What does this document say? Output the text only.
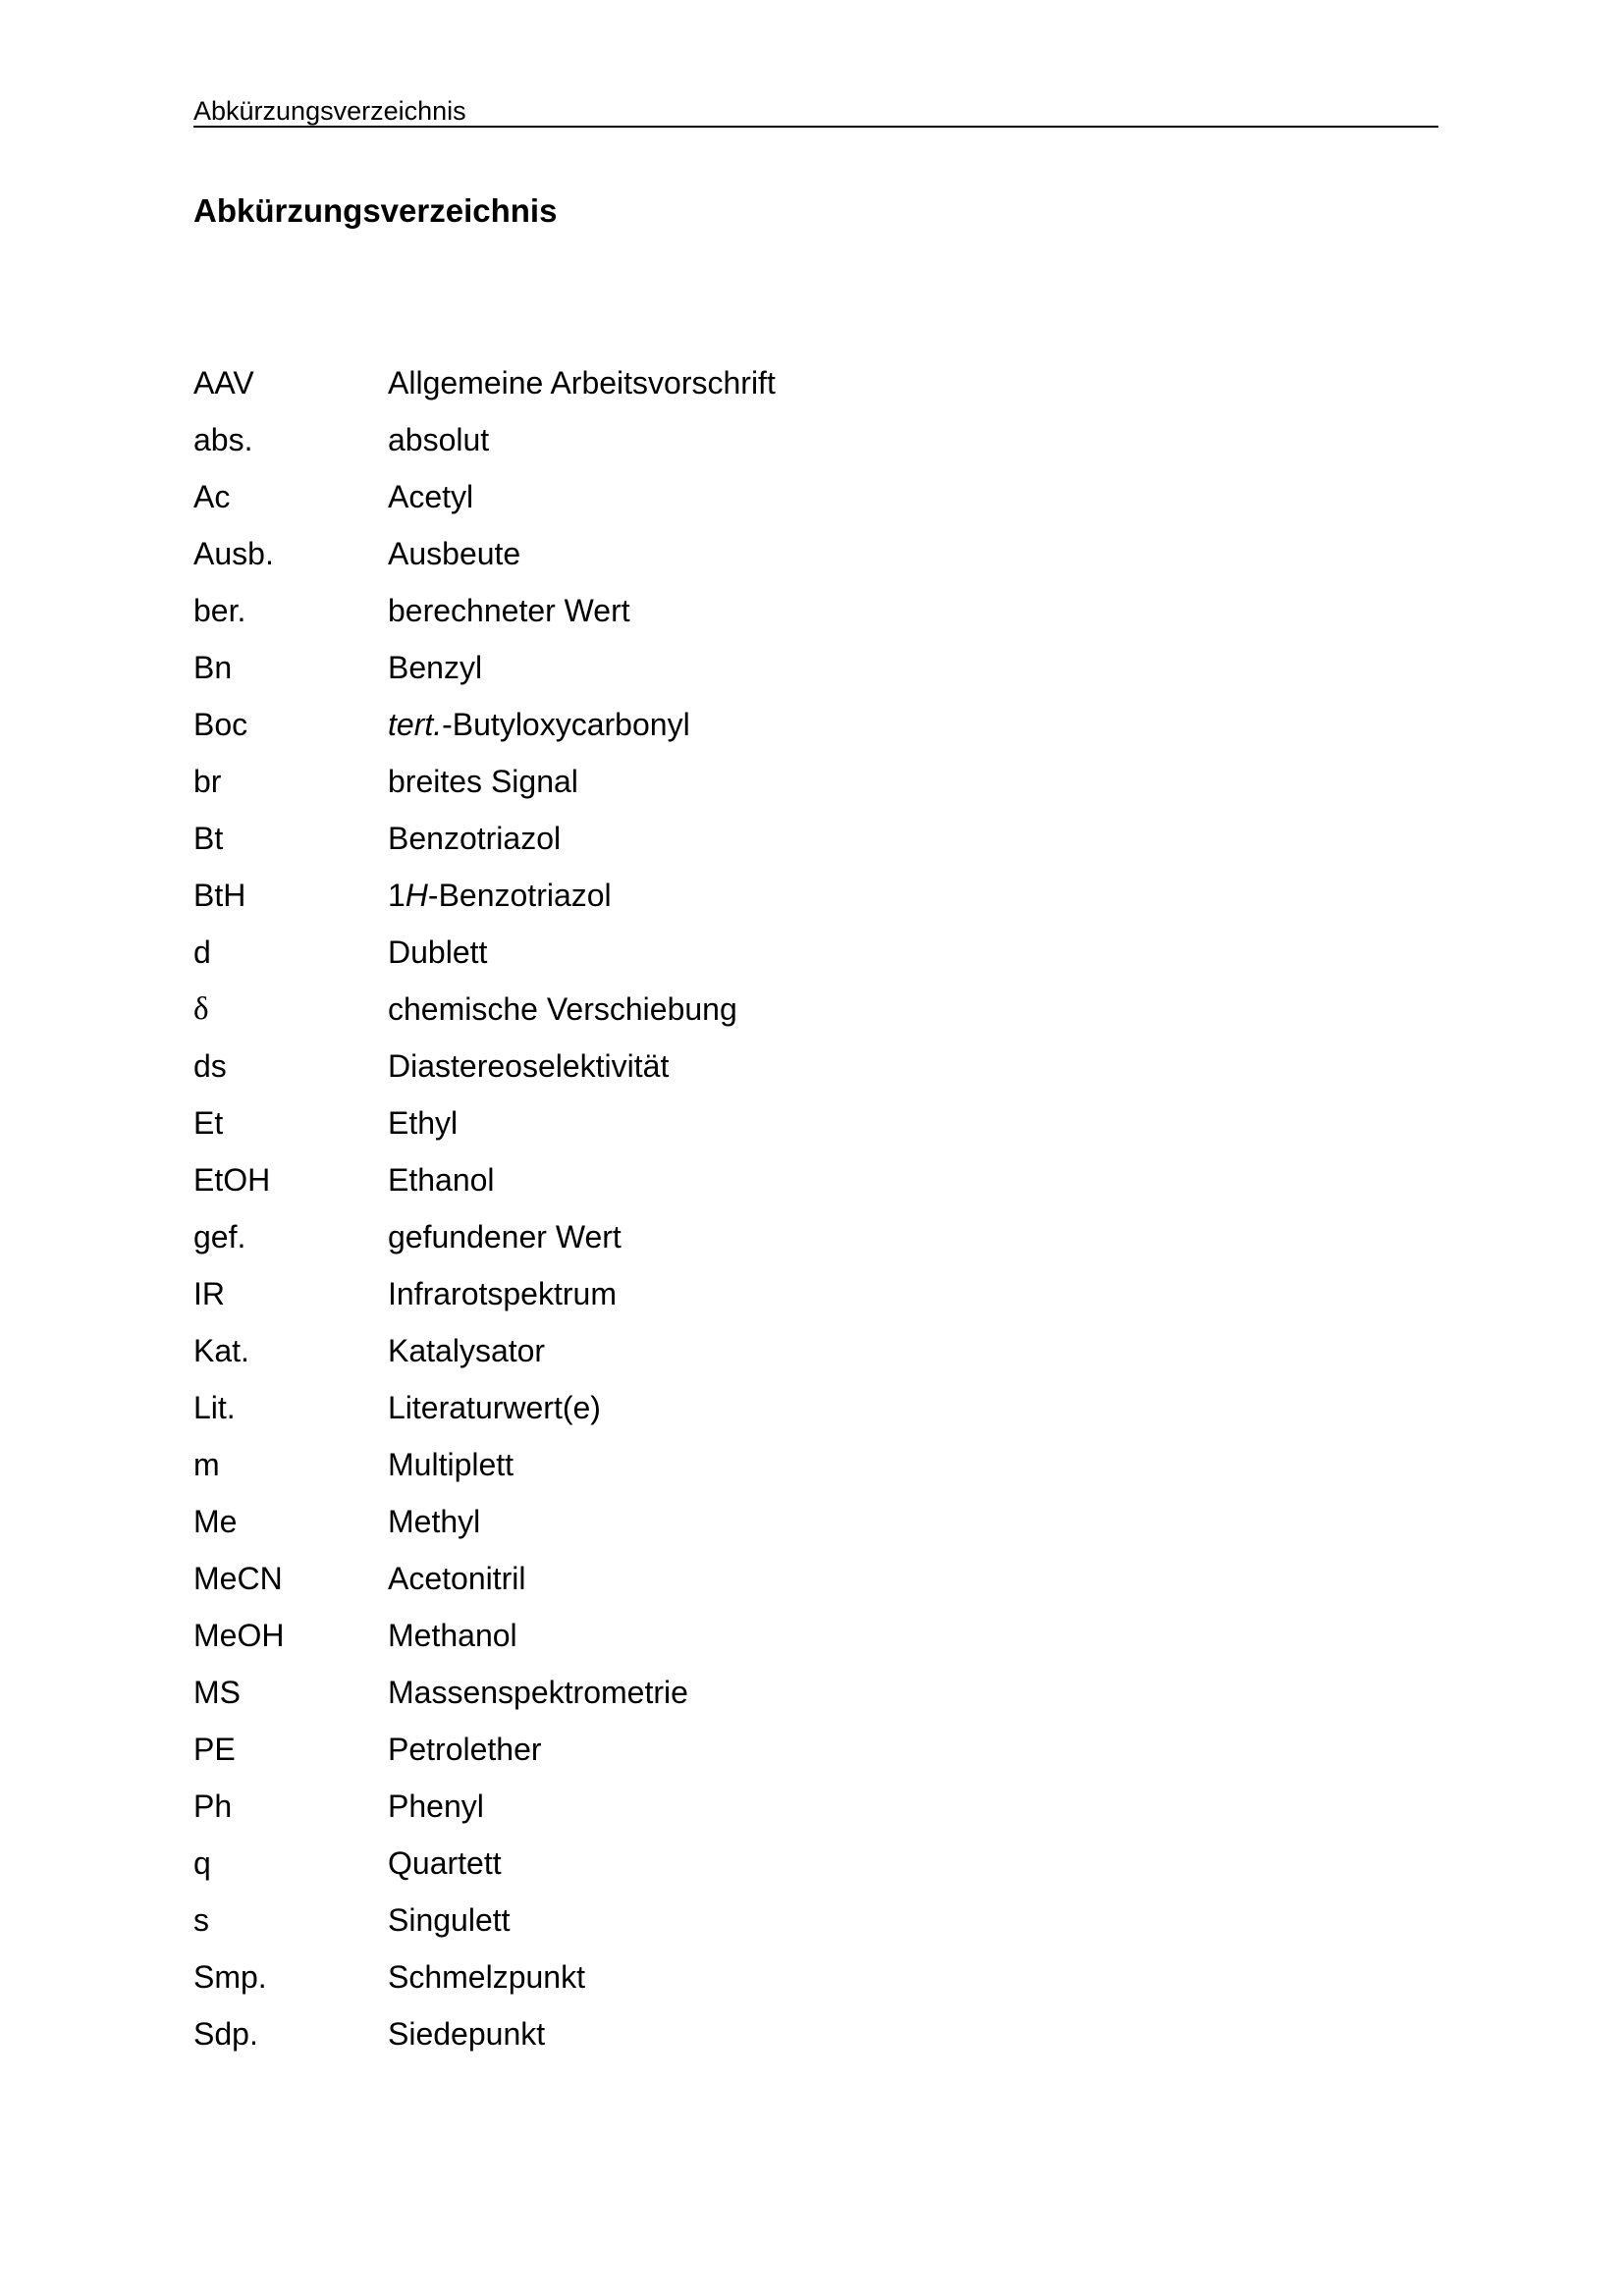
Abkürzungsverzeichnis
Abkürzungsverzeichnis
AAV	Allgemeine Arbeitsvorschrift
abs.	absolut
Ac	Acetyl
Ausb.	Ausbeute
ber.	berechneter Wert
Bn	Benzyl
Boc	tert.-Butyloxycarbonyl
br	breites Signal
Bt	Benzotriazol
BtH	1H-Benzotriazol
d	Dublett
δ	chemische Verschiebung
ds	Diastereoselektivität
Et	Ethyl
EtOH	Ethanol
gef.	gefundener Wert
IR	Infrarotspektrum
Kat.	Katalysator
Lit.	Literaturwert(e)
m	Multiplett
Me	Methyl
MeCN	Acetonitril
MeOH	Methanol
MS	Massenspektrometrie
PE	Petrolether
Ph	Phenyl
q	Quartett
s	Singulett
Smp.	Schmelzpunkt
Sdp.	Siedepunkt
